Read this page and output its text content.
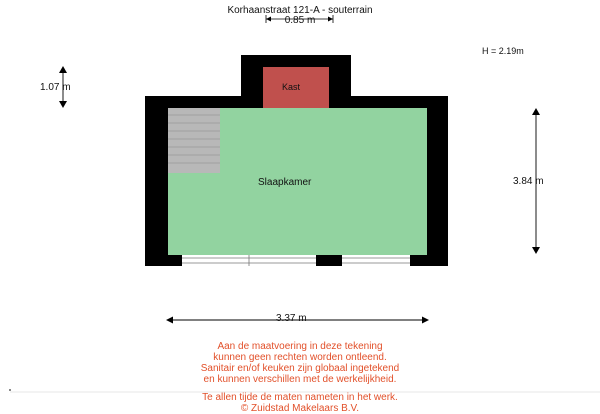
Korhaanstraat 121-A - souterrain
0.85 m
H = 2.19m
1.07 m
3.84 m
3.37 m
Slaapkamer
Kast
Aan de maatvoering in deze tekening
kunnen geen rechten worden ontleend.
Sanitair en/of keuken zijn globaal ingetekend
en kunnen verschillen met de werkelijkheid.
Te allen tijde de maten nameten in het werk.
© Zuidstad Makelaars B.V.
